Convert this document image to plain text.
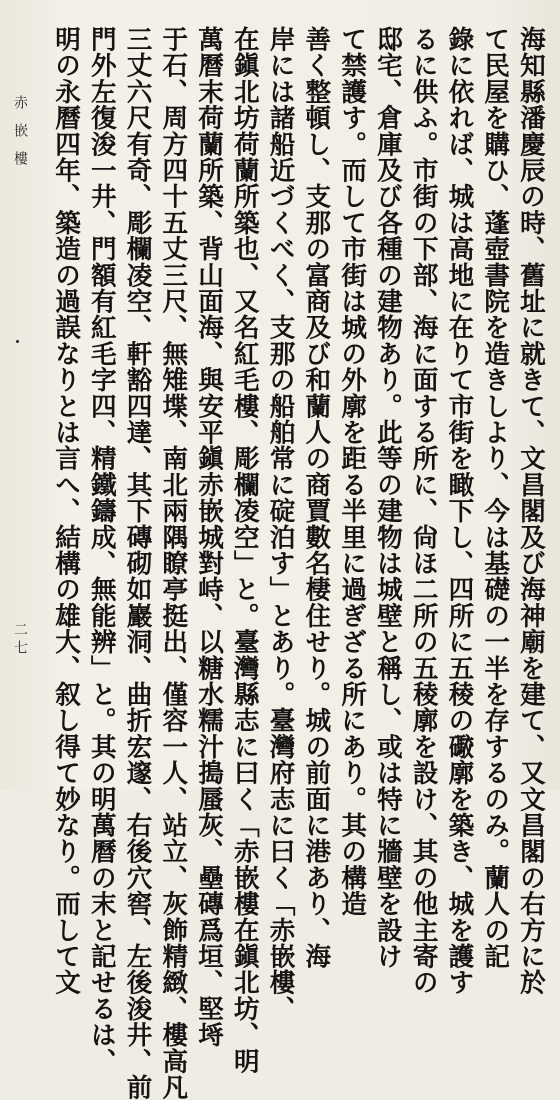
赤嵌樓
二七	海知縣潘慶辰の時、舊址に就きて、文昌閣及び海神廟を建て、又文昌閣の右方に於
て民屋を購ひ、蓬壺書院を造きしより、今は基礎の一半を存するのみ。蘭人の記
錄に依れば、城は高地に在りて市街を瞰下し、四所に五稜の礮廓を築き、城を護す
るに供ふ。市街の下部、海に面する所に、尙ほ二所の五稜廓を設け、其の他主寄の
邸宅、倉庫及び各種の建物あり。此等の建物は城壁と稱し、或は特に牆壁を設け
て禁護す。而して市街は城の外廓を距る半里に過ぎざる所にあり。其の構造
善く整頓し、支那の富商及び和蘭人の商賈數名棲住せり。城の前面に港あり、海
岸には諸船近づくべく、支那の船舶常に碇泊す」とあり。臺灣府志に曰く「赤嵌樓、
在鎭北坊荷蘭所築也、又名紅毛樓、彫欄凌空」と。臺灣縣志に曰く「赤嵌樓在鎭北坊、明
萬曆末荷蘭所築、背山面海、與安平鎭赤嵌城對峙、以糖水糯汁搗蜃灰、壘磚爲垣、堅埓
于石、周方四十五丈三尺、無雉堞、南北兩隅瞭亭挺出、僅容一人、站立、灰飾精緻、樓高凡
三丈六尺有奇、彫欄凌空、軒豁四達、其下磚砌如巖洞、曲折宏邃、右後穴窖、左後浚井、前
門外左復浚一井、門額有紅毛字四、精鐵鑄成、無能辨」と。其の明萬曆の末と記せるは、
明の永曆四年、築造の過誤なりとは言へ、結構の雄大、叙し得て妙なり。而して文
